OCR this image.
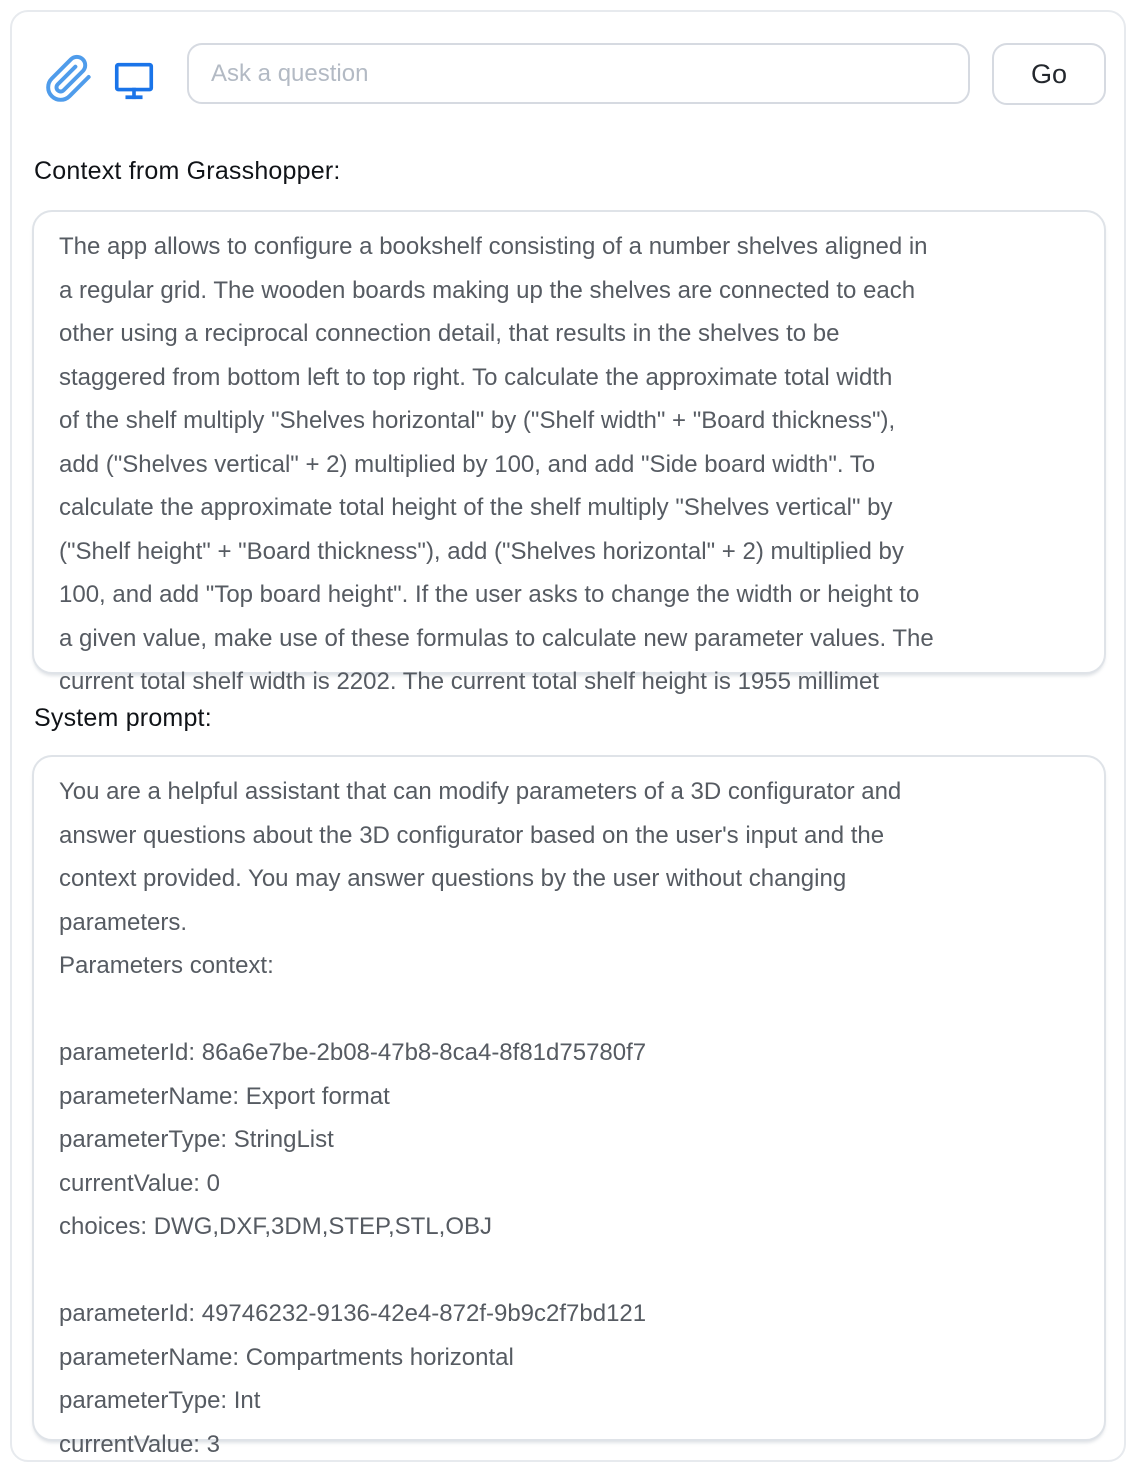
Ask a question
Go
Context from Grasshopper:
The app allows to configure a bookshelf consisting of a number shelves aligned in
a regular grid. The wooden boards making up the shelves are connected to each
other using a reciprocal connection detail, that results in the shelves to be
staggered from bottom left to top right. To calculate the approximate total width
of the shelf multiply "Shelves horizontal" by ("Shelf width" + "Board thickness"),
add ("Shelves vertical" + 2) multiplied by 100, and add "Side board width". To
calculate the approximate total height of the shelf multiply "Shelves vertical" by
("Shelf height" + "Board thickness"), add ("Shelves horizontal" + 2) multiplied by
100, and add "Top board height". If the user asks to change the width or height to
a given value, make use of these formulas to calculate new parameter values. The
current total shelf width is 2202. The current total shelf height is 1955 millimet
System prompt:
You are a helpful assistant that can modify parameters of a 3D configurator and
answer questions about the 3D configurator based on the user's input and the
context provided. You may answer questions by the user without changing
parameters.
Parameters context:

parameterId: 86a6e7be-2b08-47b8-8ca4-8f81d75780f7
parameterName: Export format
parameterType: StringList
currentValue: 0
choices: DWG,DXF,3DM,STEP,STL,OBJ

parameterId: 49746232-9136-42e4-872f-9b9c2f7bd121
parameterName: Compartments horizontal
parameterType: Int
currentValue: 3
